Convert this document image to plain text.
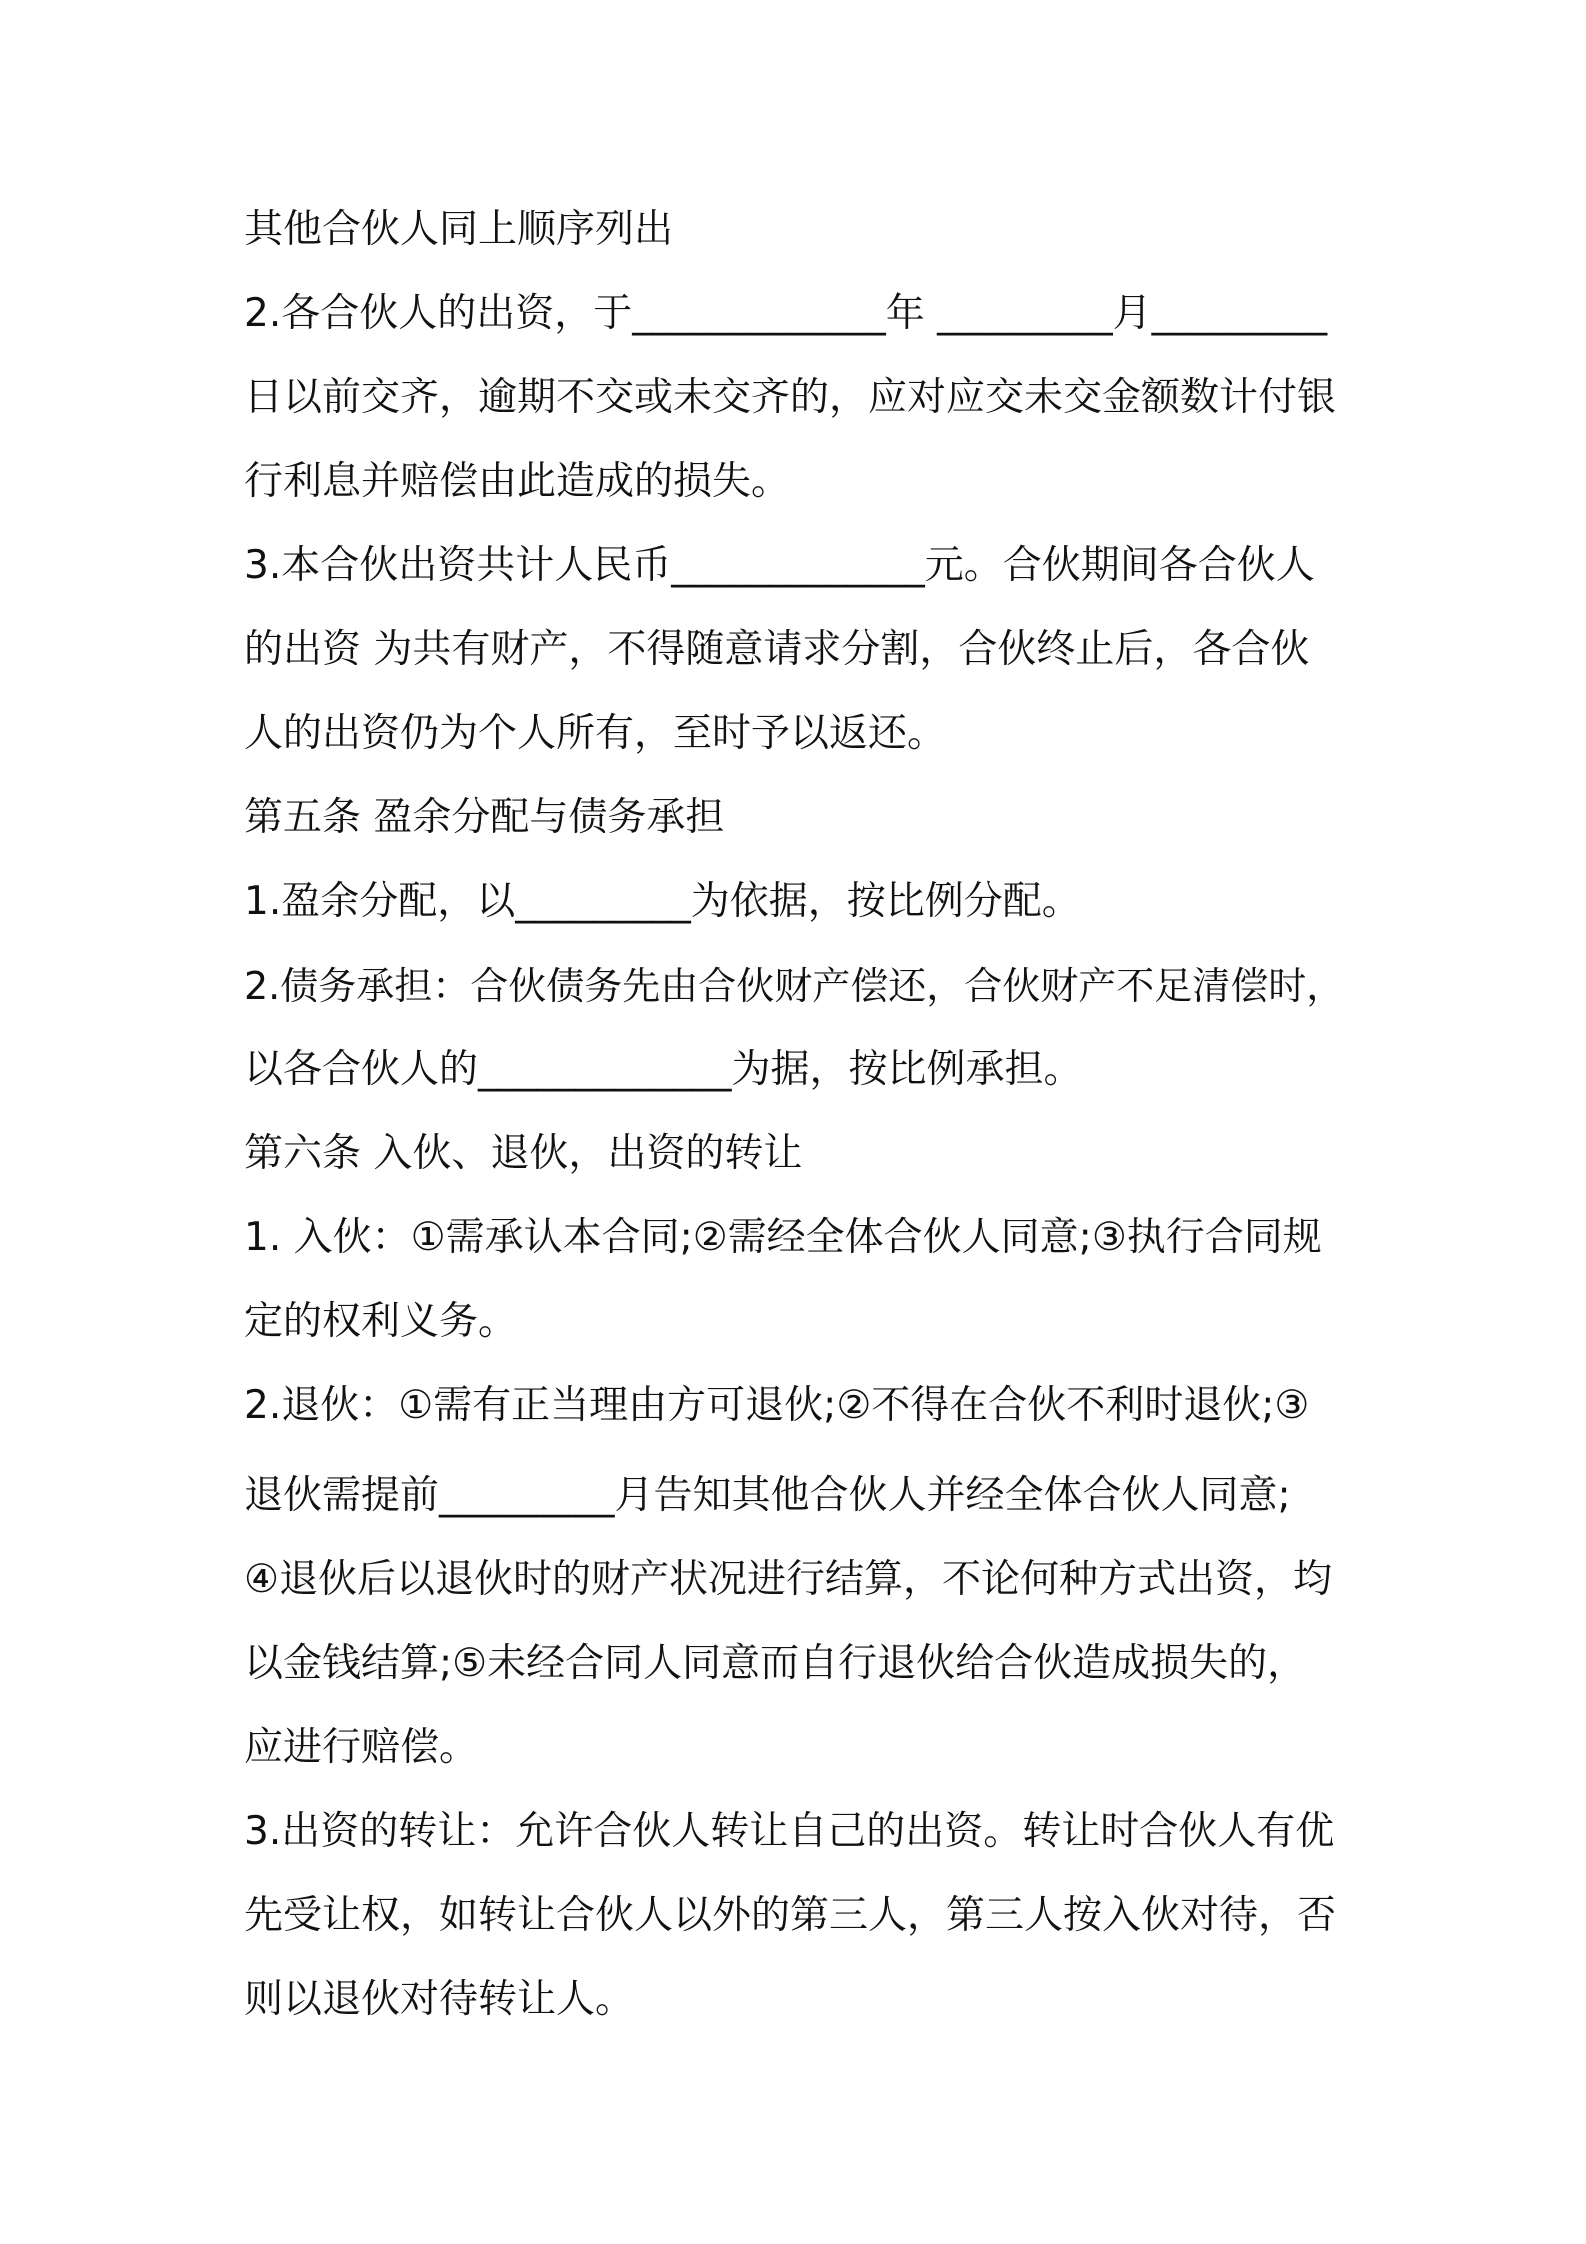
其他合伙人同上顺序列出
2.各合伙人的出资，于_____________年 _________月_________
日以前交齐，逾期不交或未交齐的，应对应交未交金额数计付银
行利息并赔偿由此造成的损失。
3.本合伙出资共计人民币_____________元。合伙期间各合伙人
的出资 为共有财产，不得随意请求分割，合伙终止后，各合伙
人的出资仍为个人所有，至时予以返还。
第五条 盈余分配与债务承担
1.盈余分配，以_________为依据，按比例分配。
2.债务承担：合伙债务先由合伙财产偿还，合伙财产不足清偿时，
以各合伙人的_____________为据，按比例承担。
第六条 入伙、退伙，出资的转让
1. 入伙：①需承认本合同;②需经全体合伙人同意;③执行合同规
定的权利义务。
2.退伙：①需有正当理由方可退伙;②不得在合伙不利时退伙;③
退伙需提前_________月告知其他合伙人并经全体合伙人同意;
④退伙后以退伙时的财产状况进行结算，不论何种方式出资，均
以金钱结算;⑤未经合同人同意而自行退伙给合伙造成损失的，
应进行赔偿。
3.出资的转让：允许合伙人转让自己的出资。转让时合伙人有优
先受让权，如转让合伙人以外的第三人，第三人按入伙对待，否
则以退伙对待转让人。
